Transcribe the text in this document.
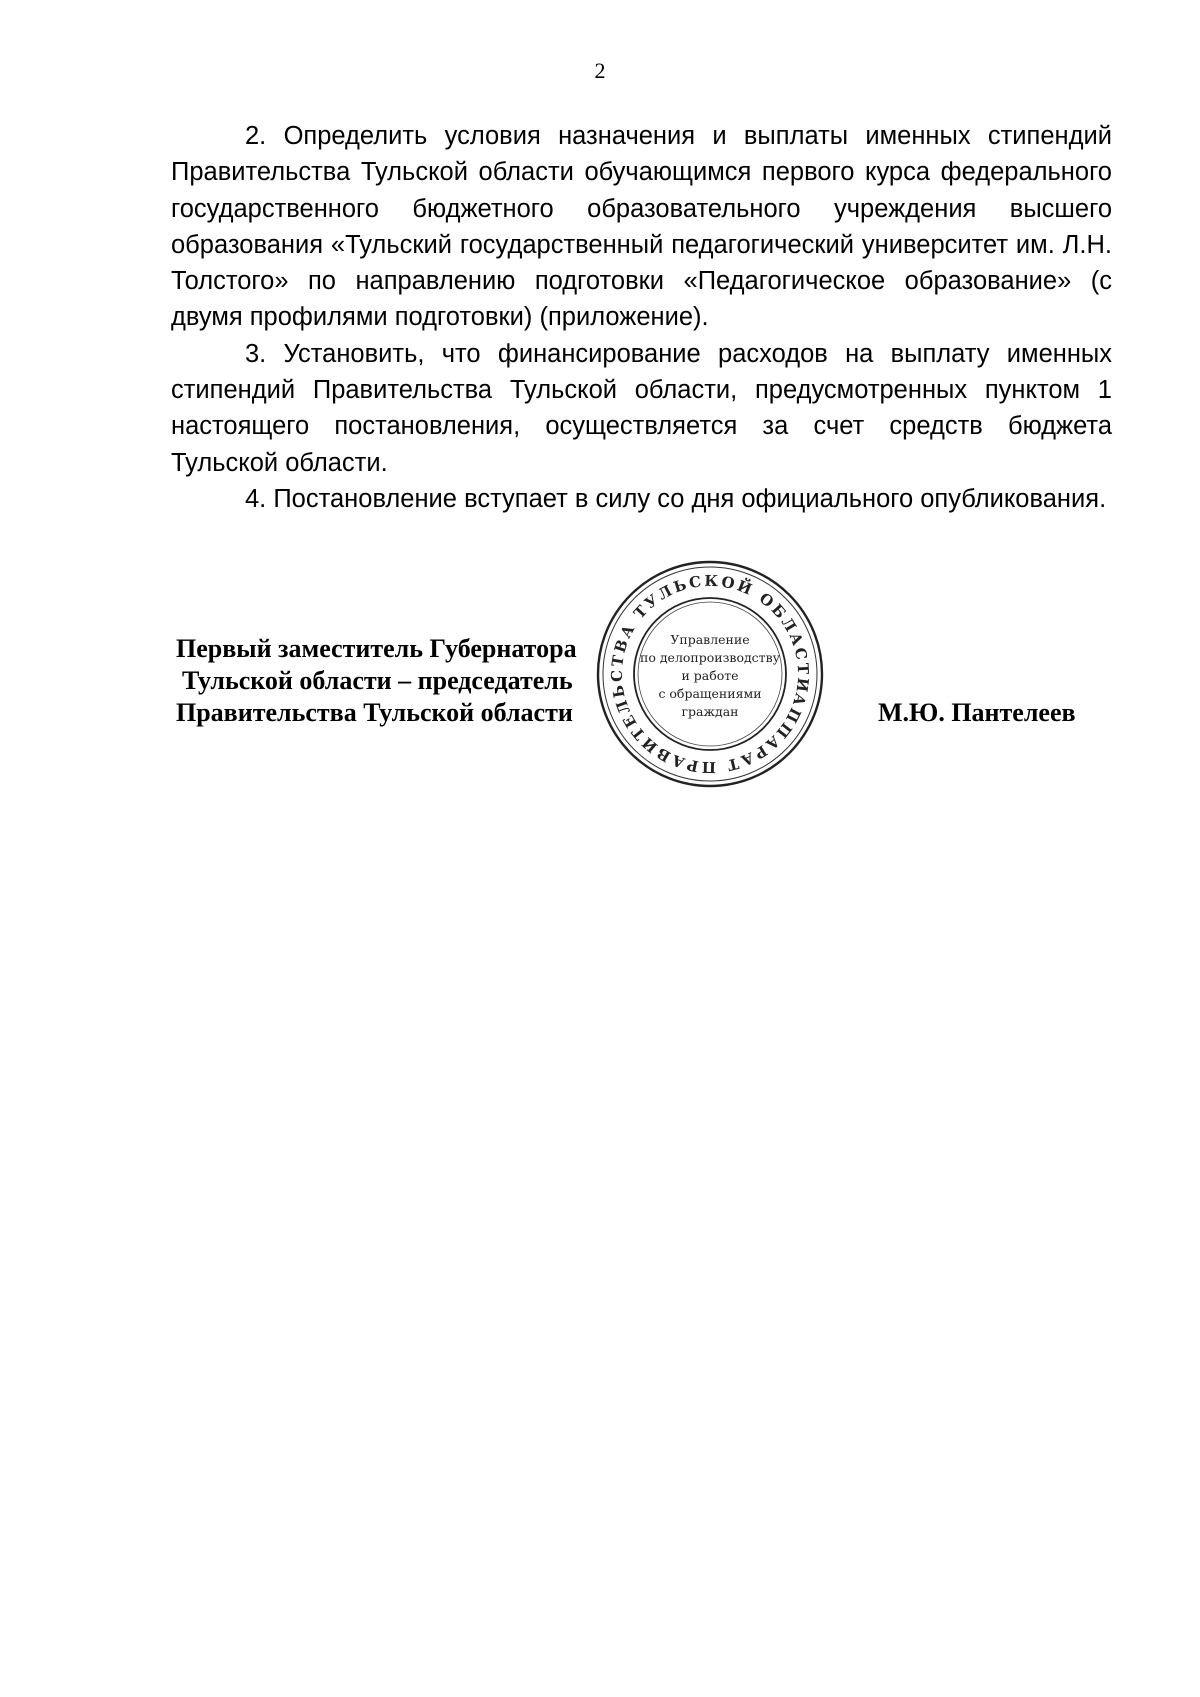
2

2. Определить условия назначения и выплаты именных стипендий Правительства Тульской области обучающимся первого курса федерального государственного бюджетного образовательного учреждения высшего образования «Тульский государственный педагогический университет им. Л.Н. Толстого» по направлению подготовки «Педагогическое образование» (с двумя профилями подготовки) (приложение).

3. Установить, что финансирование расходов на выплату именных стипендий Правительства Тульской области, предусмотренных пунктом 1 настоящего постановления, осуществляется за счет средств бюджета Тульской области.

4. Постановление вступает в силу со дня официального опубликования.

Первый заместитель Губернатора
Тульской области – председатель
Правительства Тульской области	М.Ю. Пантелеев
АППАРАТ ПРАВИТЕЛЬСТВА ТУЛЬСКОЙ ОБЛАСТИ
Управление
по делопроизводству
и работе
с обращениями
граждан
